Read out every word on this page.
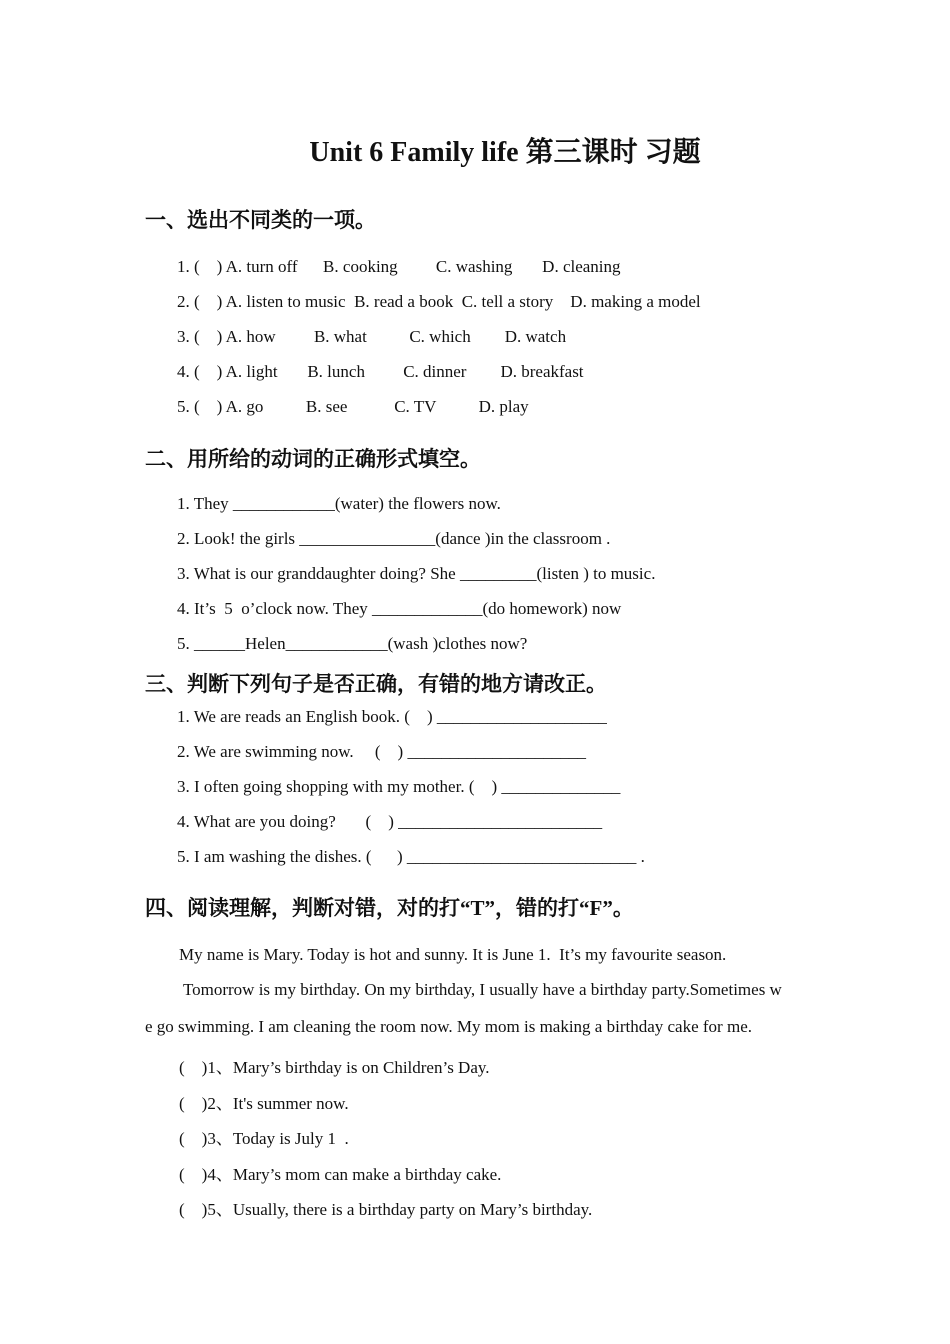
Unit 6 Family life 第三课时 习题
一、选出不同类的一项。
1. (    ) A. turn off      B. cooking         C. washing       D. cleaning
2. (    ) A. listen to music  B. read a book  C. tell a story    D. making a model
3. (    ) A. how         B. what          C. which        D. watch
4. (    ) A. light       B. lunch         C. dinner        D. breakfast
5. (    ) A. go          B. see           C. TV          D. play
二、用所给的动词的正确形式填空。
1. They ____________(water) the flowers now.
2. Look! the girls ________________(dance )in the classroom .
3. What is our granddaughter doing? She _________(listen ) to music.
4. It’s  5  o’clock now. They _____________(do homework) now
5. ______Helen____________(wash )clothes now?
三、判断下列句子是否正确，有错的地方请改正。
1. We are reads an English book. (    ) ____________________
2. We are swimming now.     (    ) _____________________
3. I often going shopping with my mother. (    ) ______________
4. What are you doing?       (    ) ________________________
5. I am washing the dishes. (      ) ___________________________ .
四、阅读理解，判断对错，对的打“T”，错的打“F”。
My name is Mary. Today is hot and sunny. It is June 1.  It’s my favourite season.
Tomorrow is my birthday. On my birthday, I usually have a birthday party.Sometimes w
e go swimming. I am cleaning the room now. My mom is making a birthday cake for me.
(    )1、Mary’s birthday is on Children’s Day.
(    )2、It's summer now.
(    )3、Today is July 1  .
(    )4、Mary’s mom can make a birthday cake.
(    )5、Usually, there is a birthday party on Mary’s birthday.
